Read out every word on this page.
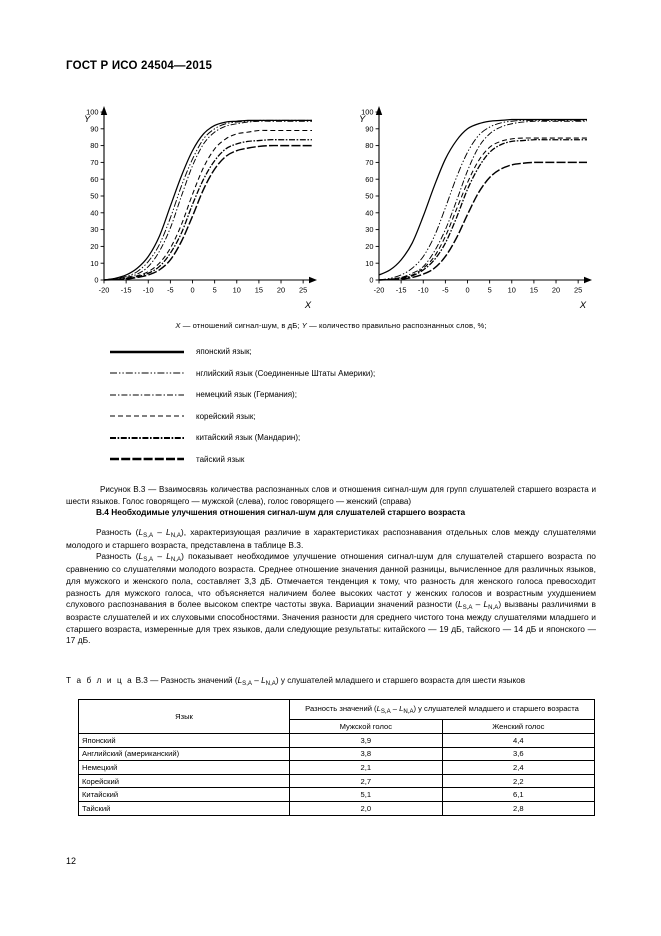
ГОСТ Р ИСО 24504—2015
0
10
20
30
40
50
60
70
80
90
100
-20 -15 -10 -5 0 5 10 15 20 25
Y
X
0
10
20
30
40
50
60
70
80
90
100
-20 -15 -10 -5 0 5 10 15 20 25
Y
X
X — отношений сигнал-шум, в дБ; Y — количество правильно распознанных слов, %;
японский язык;
нглийский язык (Соединенные Штаты Америки);
немецкий язык (Германия);
корейский язык;
китайский язык (Мандарин);
тайский язык
Рисунок В.3 — Взаимосвязь количества распознанных слов и отношения сигнал-шум для групп слушателей старшего возраста и шести языков. Голос говорящего — мужской (слева), голос говорящего — женский (справа)
В.4 Необходимые улучшения отношения сигнал-шум для слушателей старшего возраста

Разность $(L_{S,A} - L_{N,A})$, характеризующая различие в характеристиках распознавания отдельных слов между слушателями молодого и старшего возраста, представлена в таблице В.3.

Разность $(L_{S,A} - L_{N,A})$ показывает необходимое улучшение отношения сигнал-шум для слушателей старшего возраста по сравнению со слушателями молодого возраста. Среднее отношение значения данной разницы, вычисленное для различных языков, для мужского и женского пола, составляет 3,3 дБ. Отмечается тенденция к тому, что разность для женского голоса превосходит разность для мужского голоса, что объясняется наличием более высоких частот у женских голосов и возрастным ухудшением слухового распознавания в более высоком спектре частоты звука. Вариации значений разности $(L_{S,A} - L_{N,A})$ вызваны различиями в возрасте слушателей и их слуховыми способностями. Значения разности для среднего чистого тона между слушателями младшего и старшего возраста, измеренные для трех языков, дали следующие результаты: китайского — 19 дБ, тайского — 14 дБ и японского — 17 дБ.

Т а б л и ц а В.3 — Разность значений $(L_{S,A} - L_{N,A})$ у слушателей младшего и старшего возраста для шести языков
Язык	Разность значений $(L_{S,A} - L_{N,A})$ у слушателей младшего и старшего возраста	
	Мужской голос	Женский голос
Японский	3,9	4,4
Английский (американский)	3,8	3,6
Немецкий	2,1	2,4
Корейский	2,7	2,2
Китайский	5,1	6,1
Тайский	2,0	2,8
12
